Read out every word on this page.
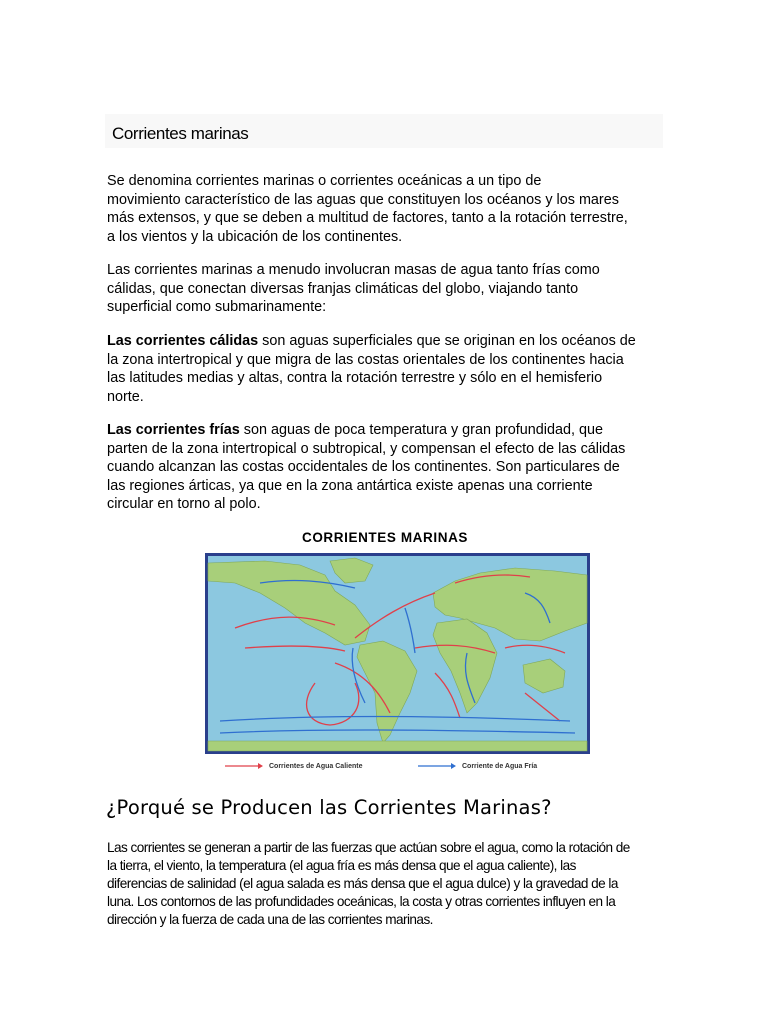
Corrientes marinas

Se denomina corrientes marinas o corrientes oceánicas a un tipo de
movimiento característico de las aguas que constituyen los océanos y los mares
más extensos, y que se deben a multitud de factores, tanto a la rotación terrestre,
a los vientos y la ubicación de los continentes.

Las corrientes marinas a menudo involucran masas de agua tanto frías como
cálidas, que conectan diversas franjas climáticas del globo, viajando tanto
superficial como submarinamente:

Las corrientes cálidas son aguas superficiales que se originan en los océanos de
la zona intertropical y que migra de las costas orientales de los continentes hacia
las latitudes medias y altas, contra la rotación terrestre y sólo en el hemisferio
norte.

Las corrientes frías son aguas de poca temperatura y gran profundidad, que
parten de la zona intertropical o subtropical, y compensan el efecto de las cálidas
cuando alcanzan las costas occidentales de los continentes. Son particulares de
las regiones árticas, ya que en la zona antártica existe apenas una corriente
circular en torno al polo.

CORRIENTES MARINAS
Corrientes de Agua Caliente	Corriente de Agua Fría
¿Porqué se Producen las Corrientes Marinas?

Las corrientes se generan a partir de las fuerzas que actúan sobre el agua, como la rotación de
la tierra, el viento, la temperatura (el agua fría es más densa que el agua caliente), las
diferencias de salinidad (el agua salada es más densa que el agua dulce) y la gravedad de la
luna. Los contornos de las profundidades oceánicas, la costa y otras corrientes influyen en la
dirección y la fuerza de cada una de las corrientes marinas.
